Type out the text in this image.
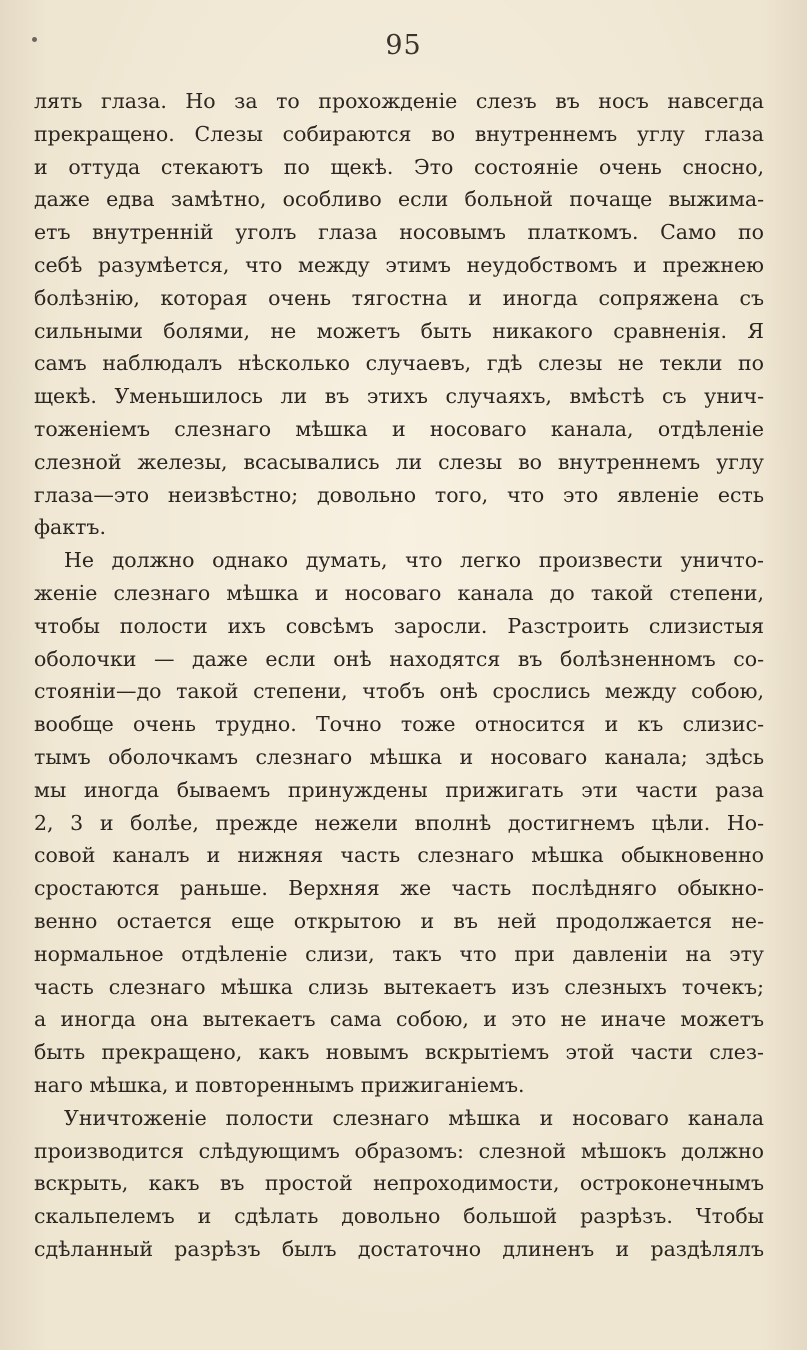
95
лять глаза. Но за то прохожденіе слезъ въ носъ навсегда
прекращено. Слезы собираются во внутреннемъ углу глаза
и оттуда стекаютъ по щекѣ. Это состояніе очень сносно,
даже едва замѣтно, особливо если больной почаще выжима-
етъ внутренній уголъ глаза носовымъ платкомъ. Само по
себѣ разумѣется, что между этимъ неудобствомъ и прежнею
болѣзнію, которая очень тягостна и иногда сопряжена съ
сильными болями, не можетъ быть никакого сравненія. Я
самъ наблюдалъ нѣсколько случаевъ, гдѣ слезы не текли по
щекѣ. Уменьшилось ли въ этихъ случаяхъ, вмѣстѣ съ унич-
тоженіемъ слезнаго мѣшка и носоваго канала, отдѣленіе
слезной железы, всасывались ли слезы во внутреннемъ углу
глаза—это неизвѣстно; довольно того, что это явленіе есть
фактъ.
Не должно однако думать, что легко произвести уничто-
женіе слезнаго мѣшка и носоваго канала до такой степени,
чтобы полости ихъ совсѣмъ заросли. Разстроить слизистыя
оболочки — даже если онѣ находятся въ болѣзненномъ со-
стояніи—до такой степени, чтобъ онѣ срослись между собою,
вообще очень трудно. Точно тоже относится и къ слизис-
тымъ оболочкамъ слезнаго мѣшка и носоваго канала; здѣсь
мы иногда бываемъ принуждены прижигать эти части раза
2, 3 и болѣе, прежде нежели вполнѣ достигнемъ цѣли. Но-
совой каналъ и нижняя часть слезнаго мѣшка обыкновенно
сростаются раньше. Верхняя же часть послѣдняго обыкно-
венно остается еще открытою и въ ней продолжается не-
нормальное отдѣленіе слизи, такъ что при давленіи на эту
часть слезнаго мѣшка слизь вытекаетъ изъ слезныхъ точекъ;
а иногда она вытекаетъ сама собою, и это не иначе можетъ
быть прекращено, какъ новымъ вскрытіемъ этой части слез-
наго мѣшка, и повтореннымъ прижиганіемъ.
Уничтоженіе полости слезнаго мѣшка и носоваго канала
производится слѣдующимъ образомъ: слезной мѣшокъ должно
вскрыть, какъ въ простой непроходимости, остроконечнымъ
скальпелемъ и сдѣлать довольно большой разрѣзъ. Чтобы
сдѣланный разрѣзъ былъ достаточно длиненъ и раздѣлялъ
